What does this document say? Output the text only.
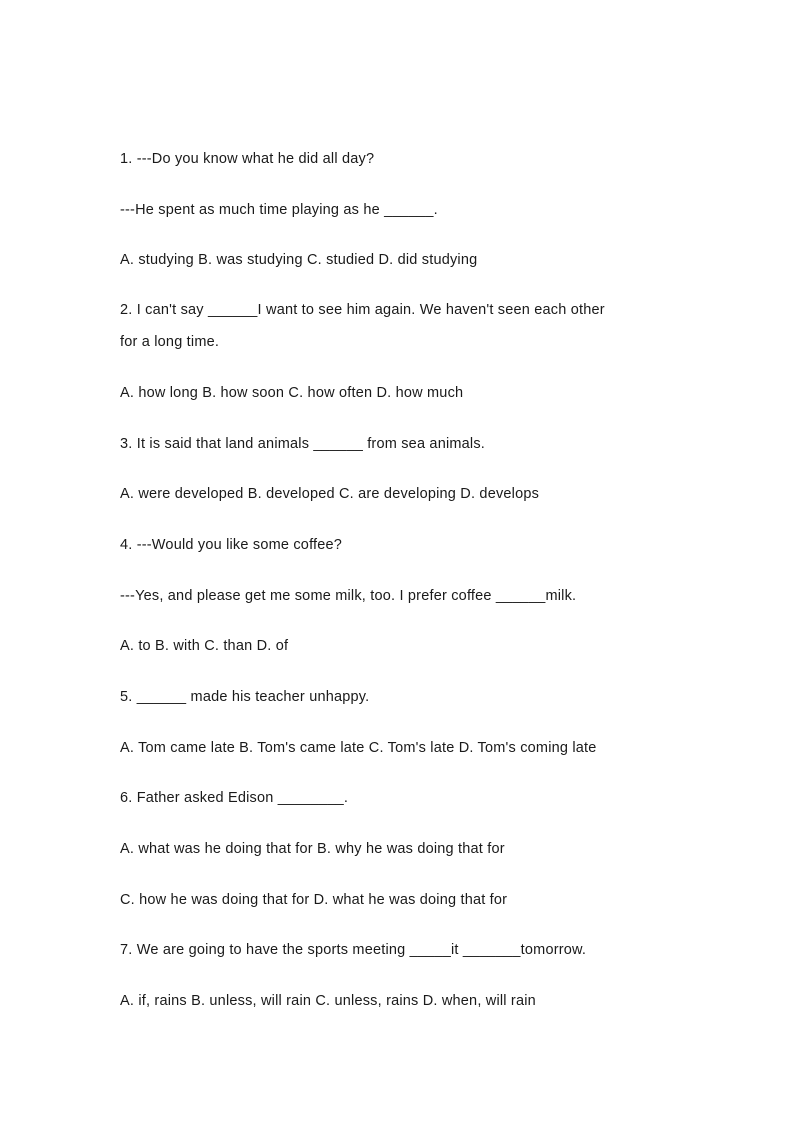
1. ---Do you know what he did all day?
---He spent as much time playing as he ______.
A. studying B. was studying C. studied D. did studying
2. I can't say ______I want to see him again. We haven't seen each other
for a long time.
A. how long B. how soon C. how often D. how much
3. It is said that land animals ______ from sea animals.
A. were developed B. developed C. are developing D. develops
4. ---Would you like some coffee?
---Yes, and please get me some milk, too. I prefer coffee ______milk.
A. to B. with C. than D. of
5. ______ made his teacher unhappy.
A. Tom came late B. Tom's came late C. Tom's late D. Tom's coming late
6. Father asked Edison ________.
A. what was he doing that for B. why he was doing that for
C. how he was doing that for D. what he was doing that for
7. We are going to have the sports meeting _____it _______tomorrow.
A. if, rains B. unless, will rain C. unless, rains D. when, will rain
